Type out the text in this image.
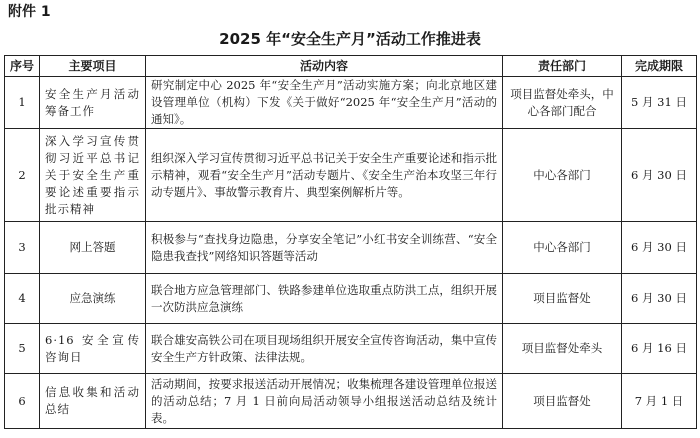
附件 1
2025 年“安全生产月”活动工作推进表
序号	主要项目	活动内容	责任部门	完成期限
1	安全生产月活动筹备工作	研究制定中心 2025 年“安全生产月”活动实施方案；向北京地区建设管理单位（机构）下发《关于做好“2025 年“安全生产月”活动的通知》。	项目监督处牵头，中心各部门配合	5 月 31 日
2	深入学习宣传贯彻习近平总书记关于安全生产重要论述重要指示批示精神	组织深入学习宣传贯彻习近平总书记关于安全生产重要论述和指示批示精神，观看“安全生产月”活动专题片、《安全生产治本攻坚三年行动专题片》、事故警示教育片、典型案例解析片等。	中心各部门	6 月 30 日
3	网上答题	积极参与“查找身边隐患，分享安全笔记”小红书安全训练营、“安全隐患我查找”网络知识答题等活动	中心各部门	6 月 30 日
4	应急演练	联合地方应急管理部门、铁路参建单位选取重点防洪工点，组织开展一次防洪应急演练	项目监督处	6 月 30 日
5	6·16 安全宣传咨询日	联合雄安高铁公司在项目现场组织开展安全宣传咨询活动，集中宣传安全生产方针政策、法律法规。	项目监督处牵头	6 月 16 日
6	信息收集和活动总结	活动期间，按要求报送活动开展情况；收集梳理各建设管理单位报送的活动总结；7 月 1 日前向局活动领导小组报送活动总结及统计表。	项目监督处	7 月 1 日
